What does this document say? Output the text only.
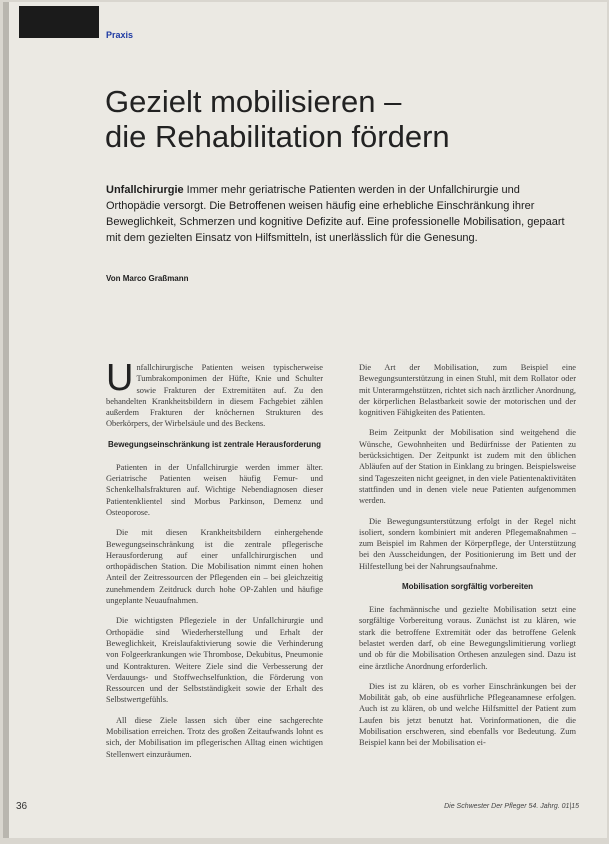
Praxis
Gezielt mobilisieren –
die Rehabilitation fördern

Unfallchirurgie Immer mehr geriatrische Patienten werden in der Unfallchirurgie und Orthopädie versorgt. Die Betroffenen weisen häufig eine erhebliche Einschränkung ihrer Beweglichkeit, Schmerzen und kognitive Defizite auf. Eine professionelle Mobilisation, gepaart mit dem gezielten Einsatz von Hilfsmitteln, ist unerlässlich für die Genesung.

Von Marco Graßmann

Unfallchirurgische Patienten weisen typischerweise Tumbrakomponimen der Hüfte, Knie und Schulter sowie Frakturen der Extremitäten auf. Zu den behandelten Krankheitsbildern in diesem Fachgebiet zählen außerdem Frakturen der knöchernen Strukturen des Oberkörpers, der Wirbelsäule und des Beckens.

Bewegungseinschränkung ist zentrale Herausforderung

Patienten in der Unfallchirurgie werden immer älter. Geriatrische Patienten weisen häufig Femur- und Schenkelhalsfrakturen auf. Wichtige Nebendiagnosen dieser Patientenklientel sind Morbus Parkinson, Demenz und Osteoporose.

Die mit diesen Krankheitsbildern einhergehende Bewegungseinschränkung ist die zentrale pflegerische Herausforderung auf einer unfallchirurgischen und orthopädischen Station. Die Mobilisation nimmt einen hohen Anteil der Zeitressourcen der Pflegenden ein – bei gleichzeitig zunehmendem Zeitdruck durch hohe OP-Zahlen und häufige ungeplante Neuaufnahmen.

Die wichtigsten Pflegeziele in der Unfallchirurgie und Orthopädie sind Wiederherstellung und Erhalt der Beweglichkeit, Kreislaufaktivierung sowie die Verhinderung von Folgeerkrankungen wie Thrombose, Dekubitus, Pneumonie und Kontrakturen. Weitere Ziele sind die Verbesserung der Verdauungs- und Stoffwechselfunktion, die Förderung von Ressourcen und der Selbstständigkeit sowie der Erhalt des Selbstwertgefühls.

All diese Ziele lassen sich über eine sachgerechte Mobilisation erreichen. Trotz des großen Zeitaufwands lohnt es sich, der Mobilisation im pflegerischen Alltag einen wichtigen Stellenwert einzuräumen.

Die Art der Mobilisation, zum Beispiel eine Bewegungsunterstützung in einen Stuhl, mit dem Rollator oder mit Unterarmgehstützen, richtet sich nach ärztlicher Anordnung, der körperlichen Belastbarkeit sowie der motorischen und der kognitiven Fähigkeiten des Patienten.

Beim Zeitpunkt der Mobilisation sind weitgehend die Wünsche, Gewohnheiten und Bedürfnisse der Patienten zu berücksichtigen. Der Zeitpunkt ist zudem mit den üblichen Abläufen auf der Station in Einklang zu bringen. Beispielsweise sind Tageszeiten nicht geeignet, in den viele Patientenaktivitäten stattfinden und in denen viele neue Patienten aufgenommen werden.

Die Bewegungsunterstützung erfolgt in der Regel nicht isoliert, sondern kombiniert mit anderen Pflegemaßnahmen – zum Beispiel im Rahmen der Körperpflege, der Unterstützung bei den Ausscheidungen, der Positionierung im Bett und der Hilfestellung bei der Nahrungsaufnahme.

Mobilisation sorgfältig vorbereiten

Eine fachmännische und gezielte Mobilisation setzt eine sorgfältige Vorbereitung voraus. Zunächst ist zu klären, wie stark die betroffene Extremität oder das betroffene Gelenk belastet werden darf, ob eine Bewegungslimitierung vorliegt und ob für die Mobilisation Orthesen anzulegen sind. Dazu ist eine ärztliche Anordnung erforderlich.

Dies ist zu klären, ob es vorher Einschränkungen bei der Mobilität gab, ob eine ausführliche Pflegeanamnese erfolgen. Auch ist zu klären, ob und welche Hilfsmittel der Patient zum Laufen bis jetzt benutzt hat. Vorinformationen, die die Mobilisation erschweren, sind ebenfalls vor Bedeutung. Zum Beispiel kann bei der Mobilisation ei-

36	Die Schwester Der Pfleger 54. Jahrg. 01|15
